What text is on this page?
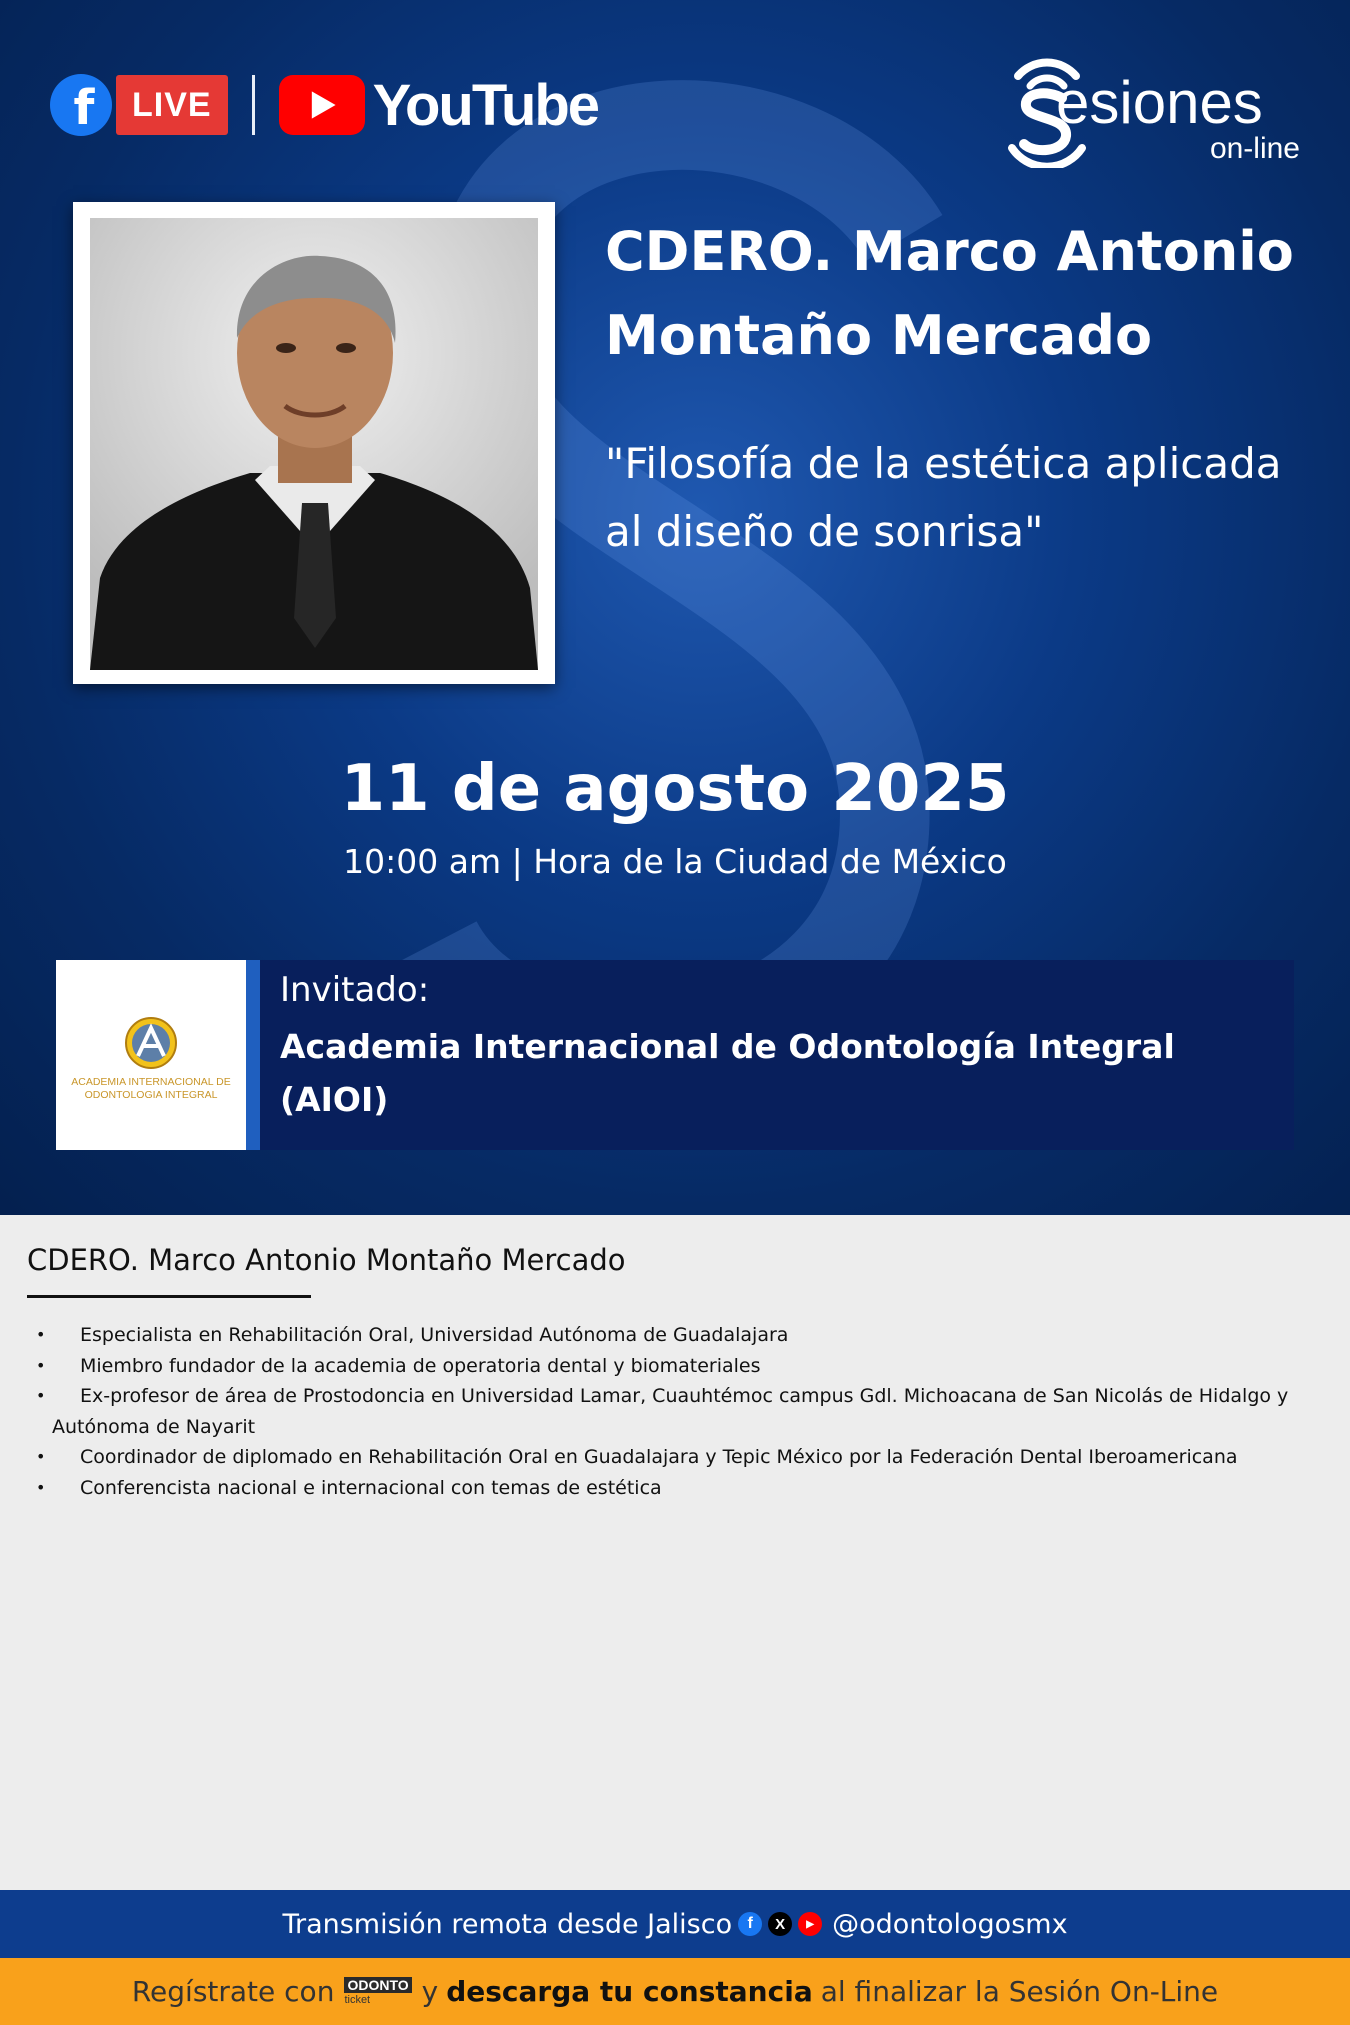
f	LIVE	YouTube	esiones
on-line
CDERO. Marco Antonio Montaño Mercado
"Filosofía de la estética aplicada al diseño de sonrisa"
11 de agosto 2025
10:00 am | Hora de la Ciudad de México
ACADEMIA INTERNACIONAL DE ODONTOLOGIA INTEGRAL
Invitado:
Academia Internacional de Odontología Integral (AIOI)
CDERO. Marco Antonio Montaño Mercado
• Especialista en Rehabilitación Oral, Universidad Autónoma de Guadalajara
• Miembro fundador de la academia de operatoria dental y biomateriales
• Ex-profesor de área de Prostodoncia en Universidad Lamar, Cuauhtémoc campus Gdl. Michoacana de San Nicolás de Hidalgo y Autónoma de Nayarit
• Coordinador de diplomado en Rehabilitación Oral en Guadalajara y Tepic México por la Federación Dental Iberoamericana
• Conferencista nacional e internacional con temas de estética
Transmisión remota desde Jalisco f	X	▶ @odontologosmx
Regístrate con ODONTO
ticket y descarga tu constancia al finalizar la Sesión On-Line
